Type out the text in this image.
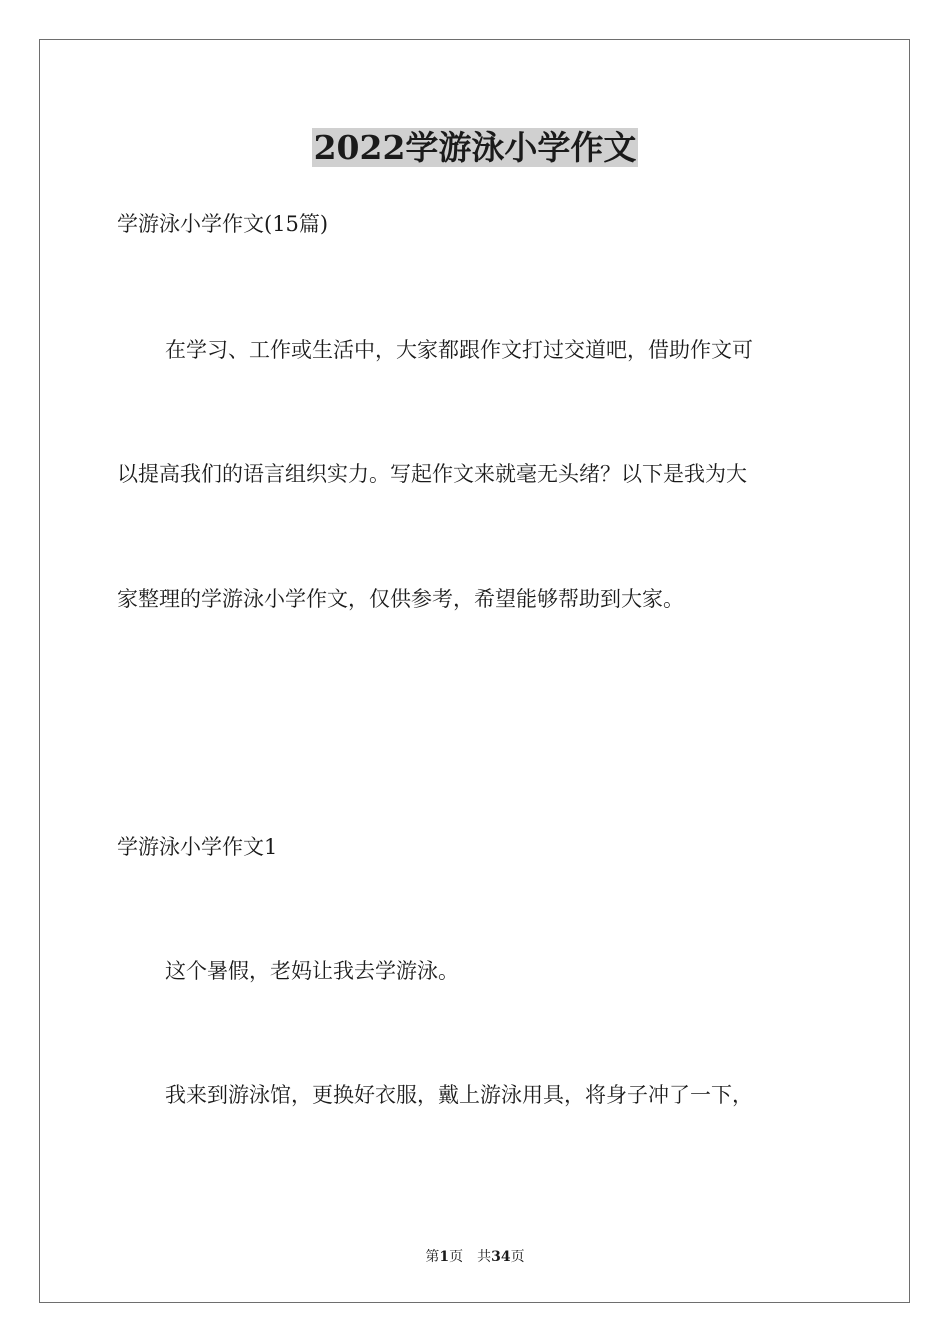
2022学游泳小学作文
学游泳小学作文(15篇)
在学习、工作或生活中，大家都跟作文打过交道吧，借助作文可
以提高我们的语言组织实力。写起作文来就毫无头绪？以下是我为大
家整理的学游泳小学作文，仅供参考，希望能够帮助到大家。
学游泳小学作文1
这个暑假，老妈让我去学游泳。
我来到游泳馆，更换好衣服，戴上游泳用具，将身子冲了一下，
第1页 共34页
